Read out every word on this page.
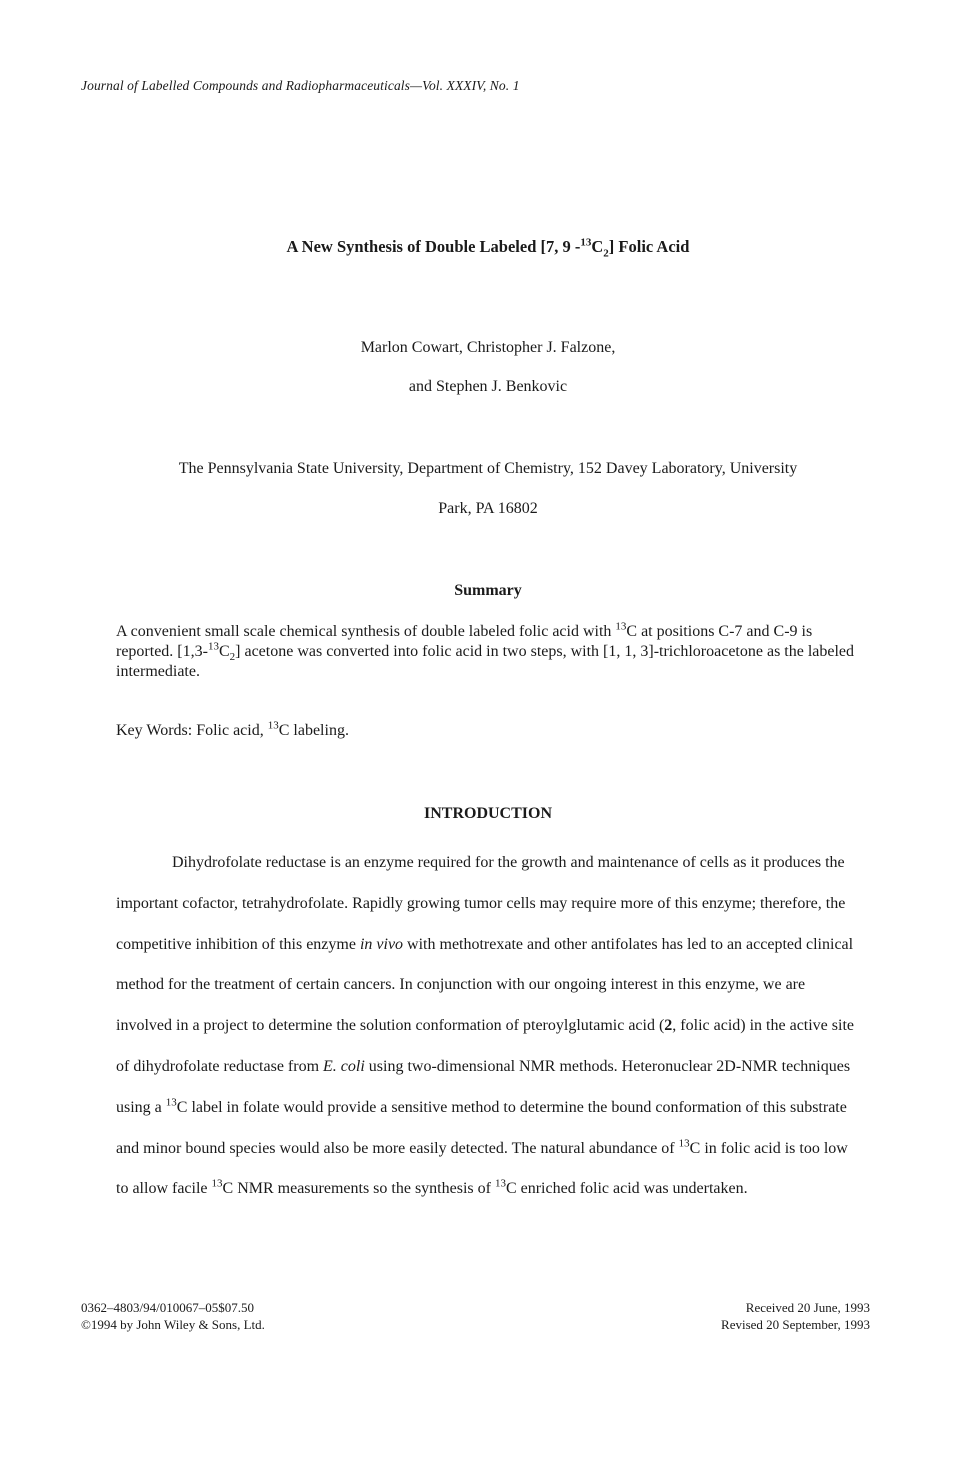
Journal of Labelled Compounds and Radiopharmaceuticals—Vol. XXXIV, No. 1
A New Synthesis of Double Labeled [7, 9 $-^{13}C_2$] Folic Acid
Marlon Cowart, Christopher J. Falzone,
and Stephen J. Benkovic
The Pennsylvania State University, Department of Chemistry, 152 Davey Laboratory, University
Park, PA 16802
Summary
A convenient small scale chemical synthesis of double labeled folic acid with $^{13}$C at positions C-7 and C-9 is reported. $[1,3-^{13}C_2]$ acetone was converted into folic acid in two steps, with [1, 1, 3]-trichloroacetone as the labeled intermediate.
Key Words: Folic acid, $^{13}$C labeling.
INTRODUCTION

Dihydrofolate reductase is an enzyme required for the growth and maintenance of cells as it produces the important cofactor, tetrahydrofolate. Rapidly growing tumor cells may require more of this enzyme; therefore, the competitive inhibition of this enzyme in vivo with methotrexate and other antifolates has led to an accepted clinical method for the treatment of certain cancers. In conjunction with our ongoing interest in this enzyme, we are involved in a project to determine the solution conformation of pteroylglutamic acid (2, folic acid) in the active site of dihydrofolate reductase from E. coli using two-dimensional NMR methods. Heteronuclear 2D-NMR techniques using a $^{13}$C label in folate would provide a sensitive method to determine the bound conformation of this substrate and minor bound species would also be more easily detected. The natural abundance of $^{13}$C in folic acid is too low to allow facile $^{13}$C NMR measurements so the synthesis of $^{13}$C enriched folic acid was undertaken.

0362–4803/94/010067–05$07.50
©1994 by John Wiley & Sons, Ltd.
Received 20 June, 1993
Revised 20 September, 1993
